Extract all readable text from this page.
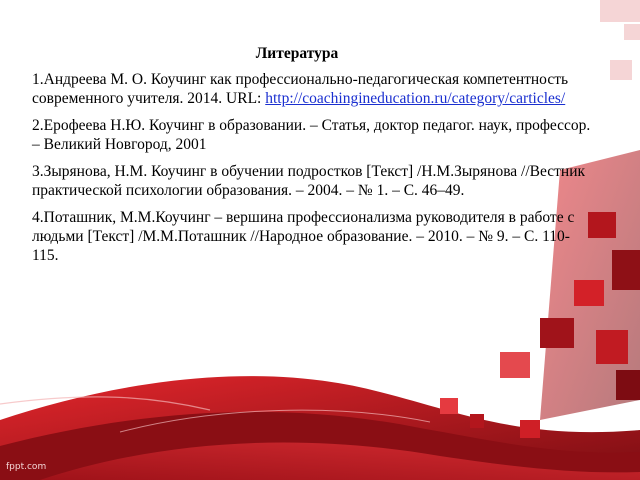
Литература

1.Андреева М. О. Коучинг как профессионально-педагогическая компетентность современного учителя. 2014. URL: http://coachingineducation.ru/category/carticles/

2.Ерофеева Н.Ю. Коучинг в образовании. – Статья, доктор педагог. наук, профессор. – Великий Новгород, 2001

3.Зырянова, Н.М. Коучинг в обучении подростков [Текст] /Н.М.Зырянова //Вестник практической психологии образования. – 2004. – № 1. – С. 46–49.

4.Поташник, М.М.Коучинг – вершина профессионализма руководителя в работе с людьми [Текст] /М.М.Поташник //Народное образование. – 2010. – № 9. – С. 110-115.

fppt.com
